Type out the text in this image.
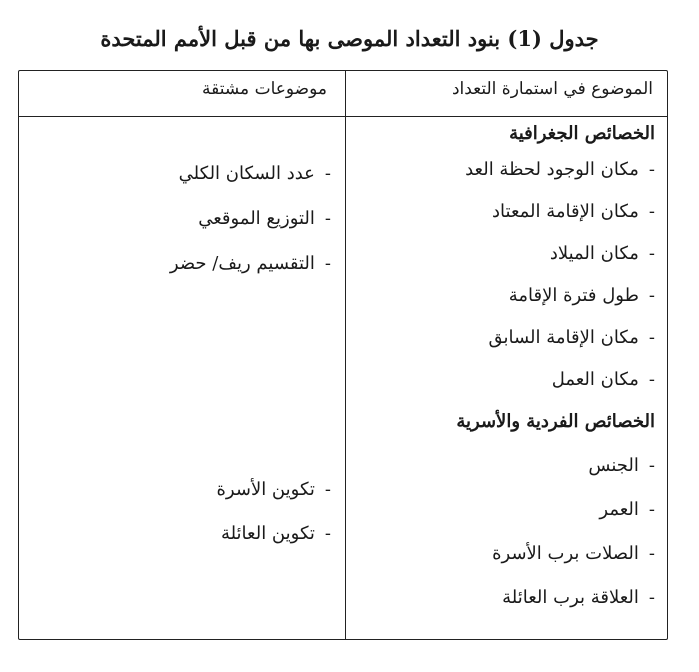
جدول (1) بنود التعداد الموصى بها من قبل الأمم المتحدة
الموضوع في استمارة التعداد
موضوعات مشتقة
الخصائص الجغرافية
-مكان الوجود لحظة العد
-مكان الإقامة المعتاد
-مكان الميلاد
-طول فترة الإقامة
-مكان الإقامة السابق
-مكان العمل
-عدد السكان الكلي
-التوزيع الموقعي
-التقسيم ريف/ حضر
الخصائص الفردية والأسرية
-الجنس
-العمر
-الصلات برب الأسرة
-العلاقة برب العائلة
-تكوين الأسرة
-تكوين العائلة
